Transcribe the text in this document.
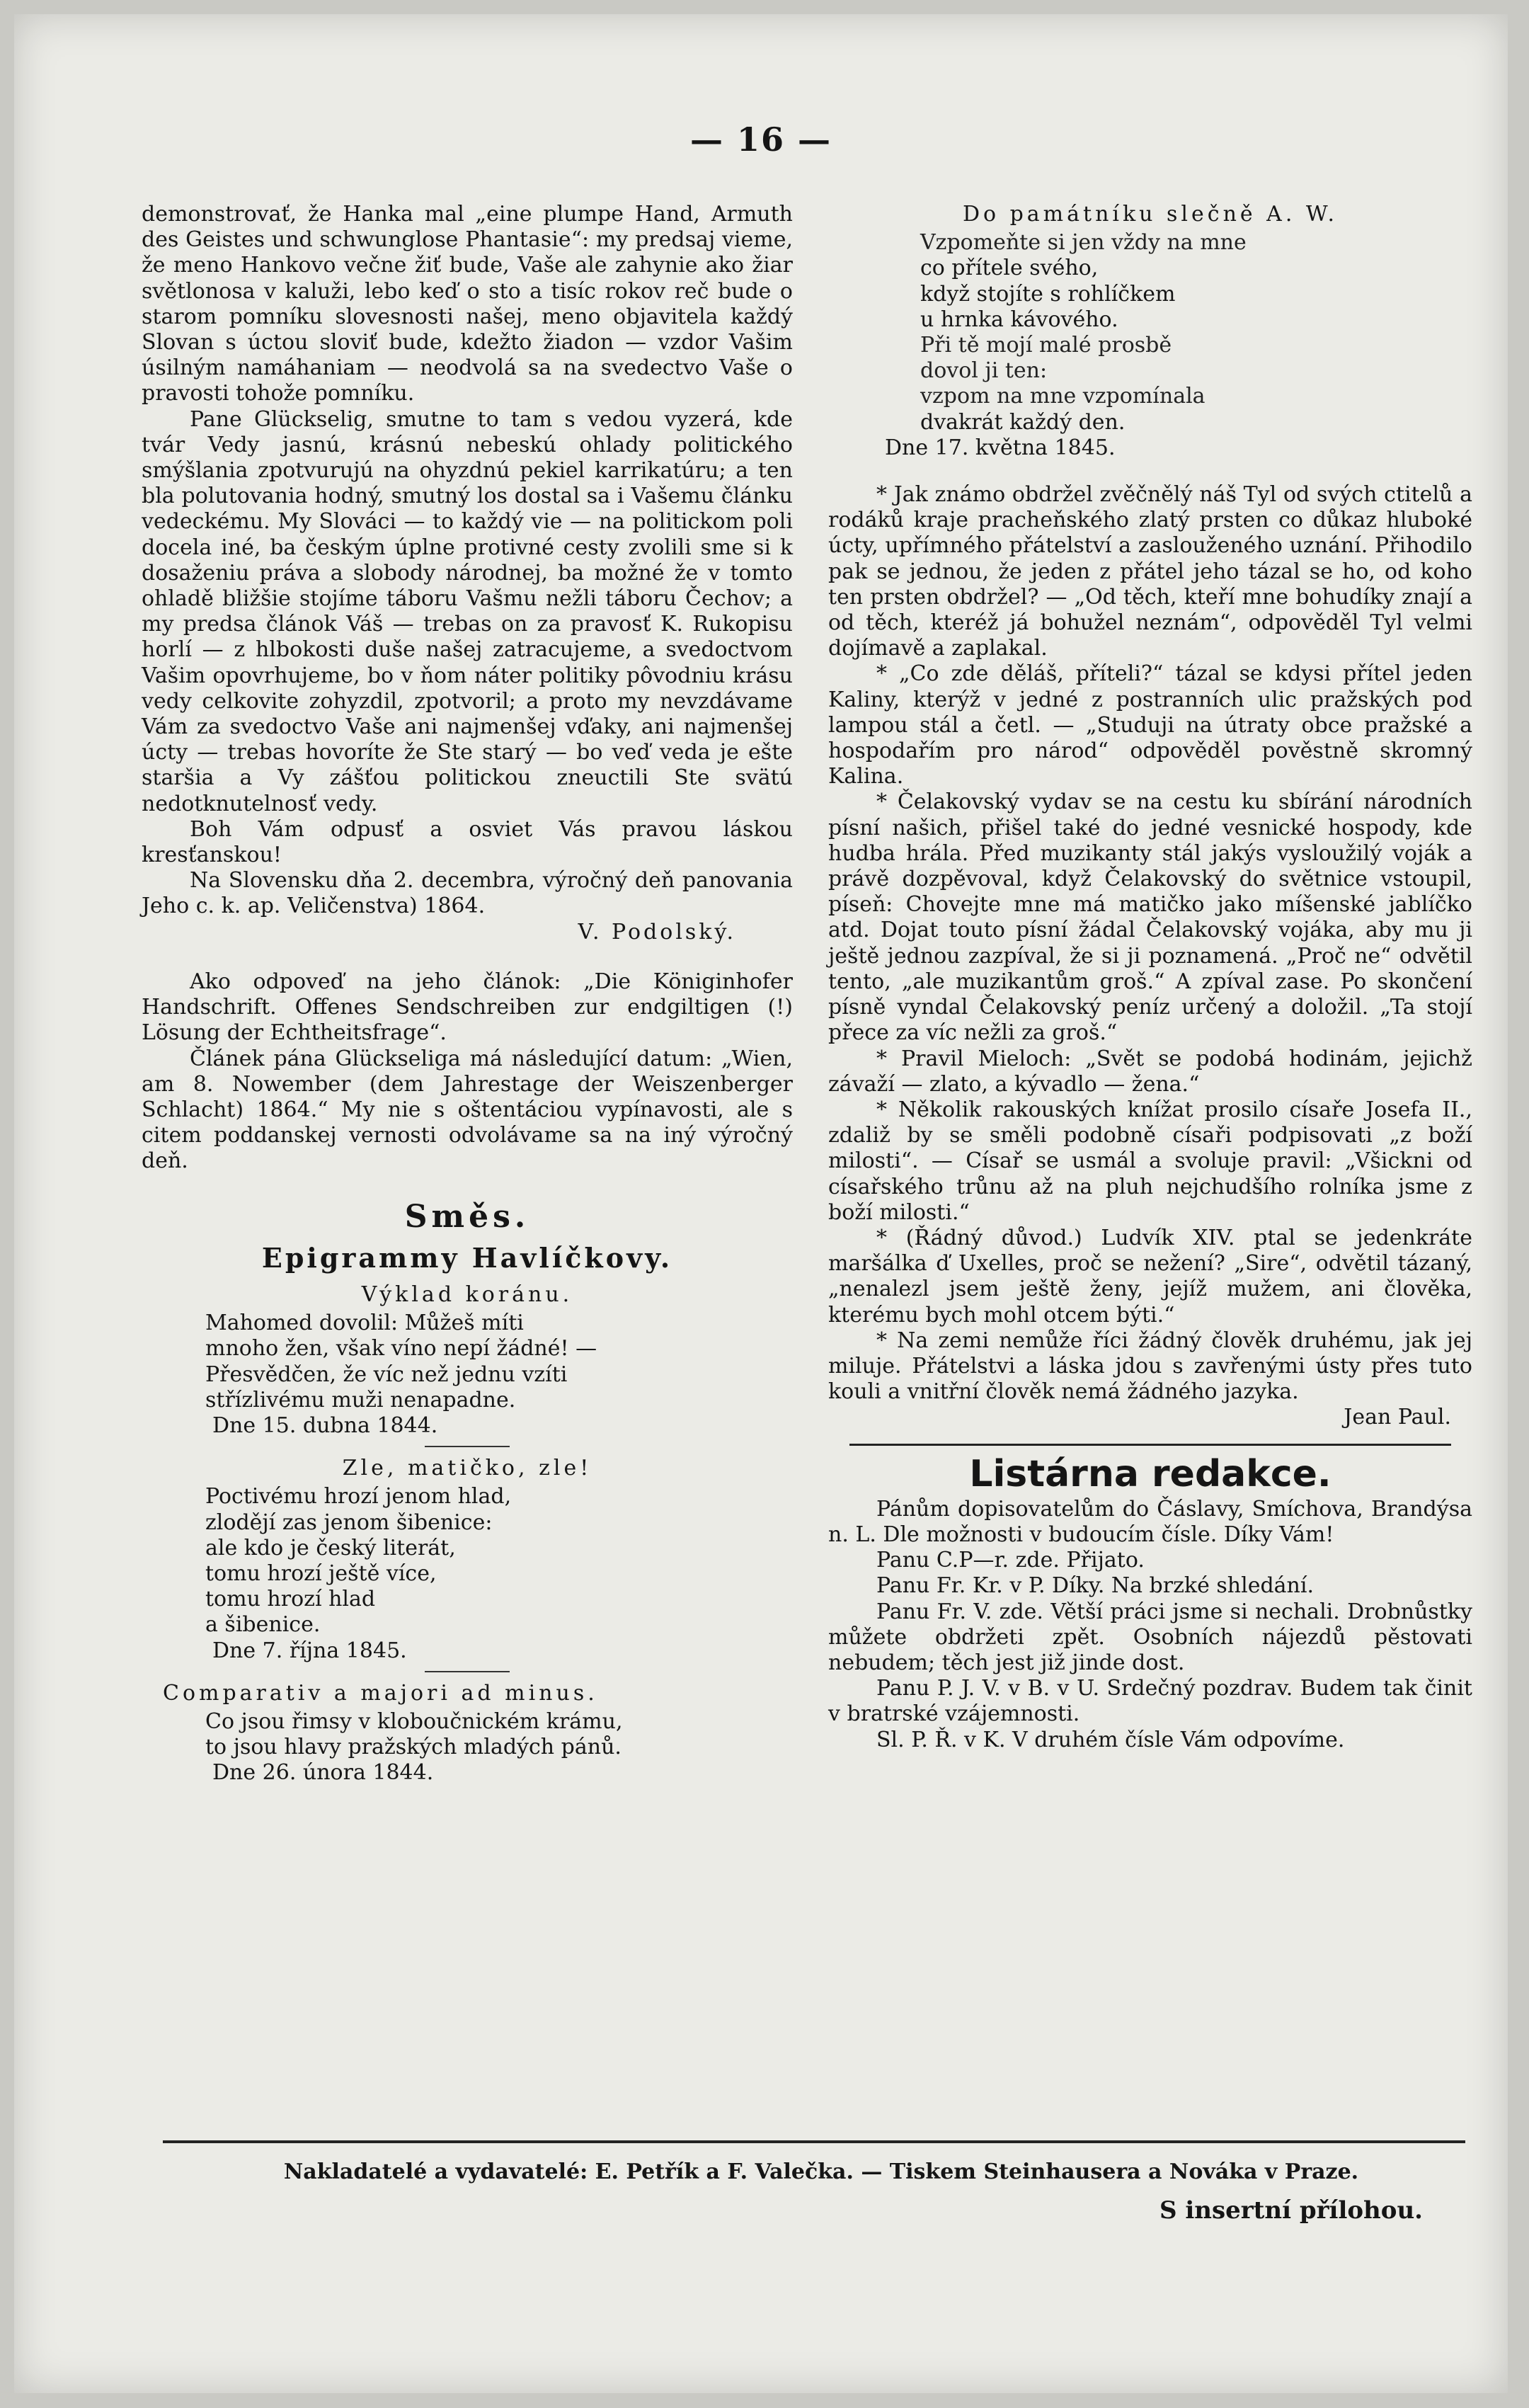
— 16 —

demonstrovať, že Hanka mal „eine plumpe Hand, Armuth des Geistes und schwunglose Phantasie“: my predsaj vieme, že meno Hankovo večne žiť bude, Vaše ale zahynie ako žiar světlonosa v kaluži, lebo keď o sto a tisíc rokov reč bude o starom pomníku slovesnosti našej, meno objavitela každý Slovan s úctou sloviť bude, kdežto žiadon — vzdor Vašim úsilným namáhaniam — neodvolá sa na svedectvo Vaše o pravosti tohože pomníku.

Pane Glückselig, smutne to tam s vedou vyzerá, kde tvár Vedy jasnú, krásnú nebeskú ohlady politického smýšlania zpotvurujú na ohyzdnú pekiel karrikatúru; a ten bla polutovania hodný, smutný los dostal sa i Vašemu článku vedeckému. My Slováci — to každý vie — na politickom poli docela iné, ba českým úplne protivné cesty zvolili sme si k dosaženiu práva a slobody národnej, ba možné že v tomto ohladě bližšie stojíme táboru Vašmu nežli táboru Čechov; a my predsa článok Váš — trebas on za pravosť K. Rukopisu horlí — z hlbokosti duše našej zatracujeme, a svedoctvom Vašim opovrhujeme, bo v ňom náter politiky pôvodniu krásu vedy celkovite zohyzdil, zpotvoril; a proto my nevzdávame Vám za svedoctvo Vaše ani najmenšej vďaky, ani najmenšej úcty — trebas hovoríte že Ste starý — bo veď veda je ešte staršia a Vy zášťou politickou zneuctili Ste svätú nedotknutelnosť vedy.

Boh Vám odpusť a osviet Vás pravou láskou kresťanskou!

Na Slovensku dňa 2. decembra, výročný deň panovania Jeho c. k. ap. Veličenstva) 1864.

V. Podolský.

Ako odpoveď na jeho článok: „Die Königinhofer Handschrift. Offenes Sendschreiben zur endgiltigen (!) Lösung der Echtheitsfrage“.

Článek pána Glückseliga má následující datum: „Wien, am 8. Nowember (dem Jahrestage der Weiszenberger Schlacht) 1864.“ My nie s oštentáciou vypínavosti, ale s citem poddanskej vernosti odvolávame sa na iný výročný deň.

Směs.
Epigrammy Havlíčkovy.
Výklad koránu.

Mahomed dovolil: Můžeš míti

mnoho žen, však víno nepí žádné! —

Přesvědčen, že víc než jednu vzíti

střízlivému muži nenapadne.

Dne 15. dubna 1844.

Zle, matičko, zle!

Poctivému hrozí jenom hlad,

zlodějí zas jenom šibenice:

ale kdo je český literát,

tomu hrozí ještě více,

tomu hrozí hlad

a šibenice.

Dne 7. října 1845.

Comparativ a majori ad minus.

Co jsou řimsy v kloboučnickém krámu,

to jsou hlavy pražských mladých pánů.

Dne 26. února 1844.

Do památníku slečně A. W.

Vzpomeňte si jen vždy na mne

co přítele svého,

když stojíte s rohlíčkem

u hrnka kávového.

Při tě mojí malé prosbě

dovol ji ten:

vzpom na mne vzpomínala

dvakrát každý den.

Dne 17. května 1845.

* Jak známo obdržel zvěčnělý náš Tyl od svých ctitelů a rodáků kraje pracheňského zlatý prsten co důkaz hluboké úcty, upřímného přátelství a zaslouženého uznání. Přihodilo pak se jednou, že jeden z přátel jeho tázal se ho, od koho ten prsten obdržel? — „Od těch, kteří mne bohudíky znají a od těch, kteréž já bohužel neznám“, odpověděl Tyl velmi dojímavě a zaplakal.

* „Co zde děláš, příteli?“ tázal se kdysi přítel jeden Kaliny, kterýž v jedné z postranních ulic pražských pod lampou stál a četl. — „Studuji na útraty obce pražské a hospodařím pro národ“ odpověděl pověstně skromný Kalina.

* Čelakovský vydav se na cestu ku sbírání národních písní našich, přišel také do jedné vesnické hospody, kde hudba hrála. Před muzikanty stál jakýs vysloužilý voják a právě dozpěvoval, když Čelakovský do světnice vstoupil, píseň: Chovejte mne má matičko jako míšenské jablíčko atd. Dojat touto písní žádal Čelakovský vojáka, aby mu ji ještě jednou zazpíval, že si ji poznamená. „Proč ne“ odvětil tento, „ale muzikantům groš.“ A zpíval zase. Po skončení písně vyndal Čelakovský peníz určený a doložil. „Ta stojí přece za víc nežli za groš.“

* Pravil Mieloch: „Svět se podobá hodinám, jejichž závaží — zlato, a kývadlo — žena.“

* Několik rakouských knížat prosilo císaře Josefa II., zdaliž by se směli podobně císaři podpisovati „z boží milosti“. — Císař se usmál a svoluje pravil: „Všickni od císařského trůnu až na pluh nejchudšího rolníka jsme z boží milosti.“

* (Řádný důvod.) Ludvík XIV. ptal se jedenkráte maršálka ď Uxelles, proč se nežení? „Sire“, odvětil tázaný, „nenalezl jsem ještě ženy, jejíž mužem, ani člověka, kterému bych mohl otcem býti.“

* Na zemi nemůže říci žádný člověk druhému, jak jej miluje. Přátelstvi a láska jdou s zavřenými ústy přes tuto kouli a vnitřní člověk nemá žádného jazyka.

Jean Paul.

Listárna redakce.

Pánům dopisovatelům do Čáslavy, Smíchova, Brandýsa n. L. Dle možnosti v budoucím čísle. Díky Vám!

Panu C.P—r. zde. Přijato.

Panu Fr. Kr. v P. Díky. Na brzké shledání.

Panu Fr. V. zde. Větší práci jsme si nechali. Drobnůstky můžete obdržeti zpět. Osobních nájezdů pěstovati nebudem; těch jest již jinde dost.

Panu P. J. V. v B. v U. Srdečný pozdrav. Budem tak činit v bratrské vzájemnosti.

Sl. P. Ř. v K. V druhém čísle Vám odpovíme.

Nakladatelé a vydavatelé: E. Petřík a F. Valečka. — Tiskem Steinhausera a Nováka v Praze.
S insertní přílohou.
